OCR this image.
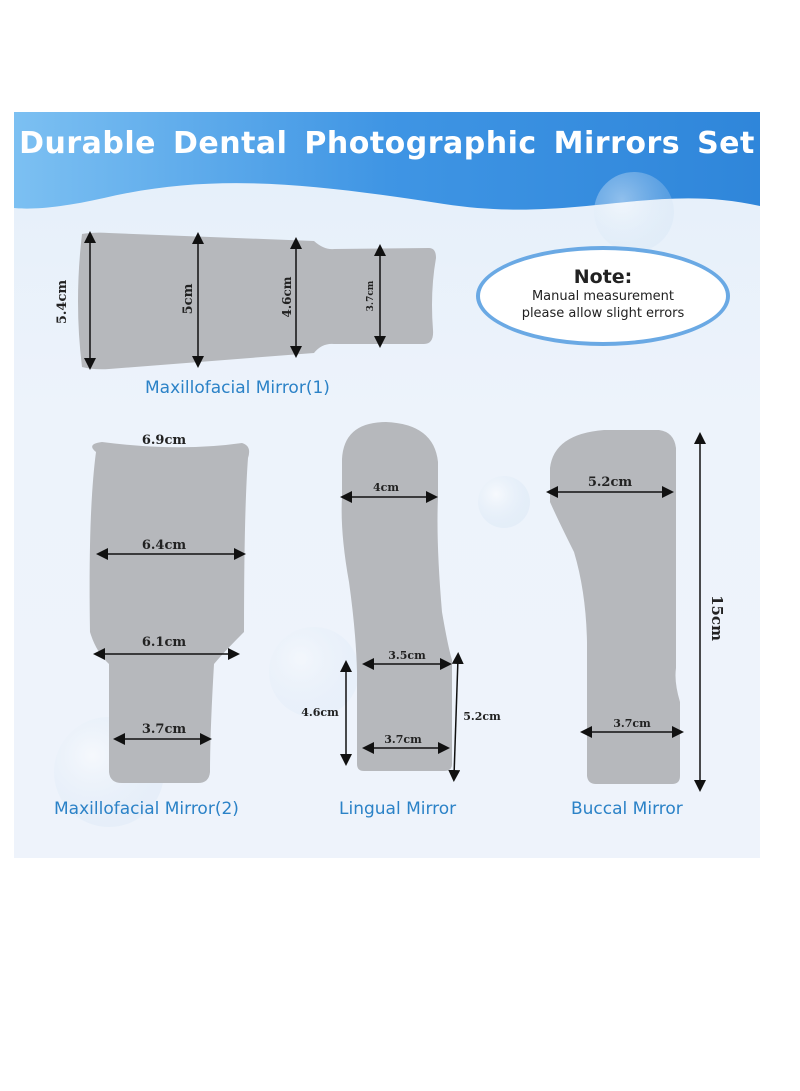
Durable Dental Photographic Mirrors Set
5.4cm	5cm	4.6cm	3.7cm
6.9cm
6.4cm
6.1cm
3.7cm
4cm
3.5cm
4.6cm	5.2cm
3.7cm
5.2cm
15cm
3.7cm
Note:
Manual measurement
please allow slight errors
Maxillofacial Mirror(1)
Maxillofacial Mirror(2)	Lingual Mirror	Buccal Mirror
